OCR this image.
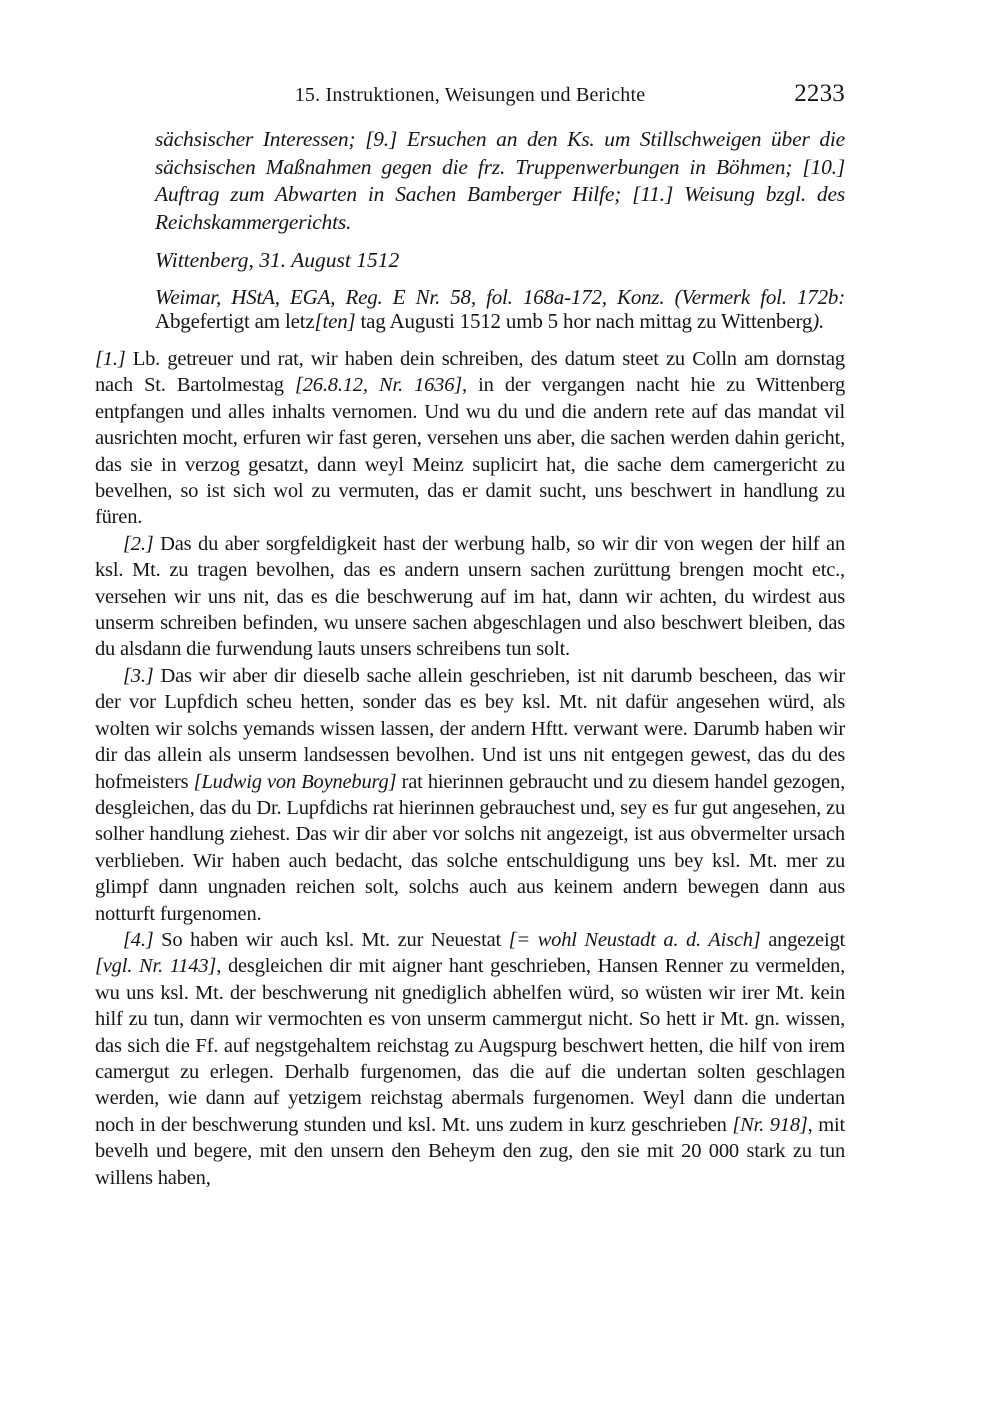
15. Instruktionen, Weisungen und Berichte	2233

sächsischer Interessen; [9.] Ersuchen an den Ks. um Stillschweigen über die sächsischen Maßnahmen gegen die frz. Truppenwerbungen in Böhmen; [10.] Auftrag zum Abwarten in Sachen Bamberger Hilfe; [11.] Weisung bzgl. des Reichskammergerichts.

Wittenberg, 31. August 1512

Weimar, HStA, EGA, Reg. E Nr. 58, fol. 168a-172, Konz. (Vermerk fol. 172b: Abgefertigt am letz[ten] tag Augusti 1512 umb 5 hor nach mittag zu Wittenberg).

[1.] Lb. getreuer und rat, wir haben dein schreiben, des datum steet zu Colln am dornstag nach St. Bartolmestag [26.8.12, Nr. 1636], in der vergangen nacht hie zu Wittenberg entpfangen und alles inhalts vernomen. Und wu du und die andern rete auf das mandat vil ausrichten mocht, erfuren wir fast geren, versehen uns aber, die sachen werden dahin gericht, das sie in verzog gesatzt, dann weyl Meinz suplicirt hat, die sache dem camergericht zu bevelhen, so ist sich wol zu vermuten, das er damit sucht, uns beschwert in handlung zu füren.

[2.] Das du aber sorgfeldigkeit hast der werbung halb, so wir dir von wegen der hilf an ksl. Mt. zu tragen bevolhen, das es andern unsern sachen zurüttung brengen mocht etc., versehen wir uns nit, das es die beschwerung auf im hat, dann wir achten, du wirdest aus unserm schreiben befinden, wu unsere sachen abgeschlagen und also beschwert bleiben, das du alsdann die furwendung lauts unsers schreibens tun solt.

[3.] Das wir aber dir dieselb sache allein geschrieben, ist nit darumb bescheen, das wir der vor Lupfdich scheu hetten, sonder das es bey ksl. Mt. nit dafür angesehen würd, als wolten wir solchs yemands wissen lassen, der andern Hftt. verwant were. Darumb haben wir dir das allein als unserm landsessen bevolhen. Und ist uns nit entgegen gewest, das du des hofmeisters [Ludwig von Boyneburg] rat hierinnen gebraucht und zu diesem handel gezogen, desgleichen, das du Dr. Lupfdichs rat hierinnen gebrauchest und, sey es fur gut angesehen, zu solher handlung ziehest. Das wir dir aber vor solchs nit angezeigt, ist aus obvermelter ursach verblieben. Wir haben auch bedacht, das solche entschuldigung uns bey ksl. Mt. mer zu glimpf dann ungnaden reichen solt, solchs auch aus keinem andern bewegen dann aus notturft furgenomen.

[4.] So haben wir auch ksl. Mt. zur Neuestat [= wohl Neustadt a. d. Aisch] angezeigt [vgl. Nr. 1143], desgleichen dir mit aigner hant geschrieben, Hansen Renner zu vermelden, wu uns ksl. Mt. der beschwerung nit gnediglich abhelfen würd, so wüsten wir irer Mt. kein hilf zu tun, dann wir vermochten es von unserm cammergut nicht. So hett ir Mt. gn. wissen, das sich die Ff. auf negstgehaltem reichstag zu Augspurg beschwert hetten, die hilf von irem camergut zu erlegen. Derhalb furgenomen, das die auf die undertan solten geschlagen werden, wie dann auf yetzigem reichstag abermals furgenomen. Weyl dann die undertan noch in der beschwerung stunden und ksl. Mt. uns zudem in kurz geschrieben [Nr. 918], mit bevelh und begere, mit den unsern den Beheym den zug, den sie mit 20 000 stark zu tun willens haben,
